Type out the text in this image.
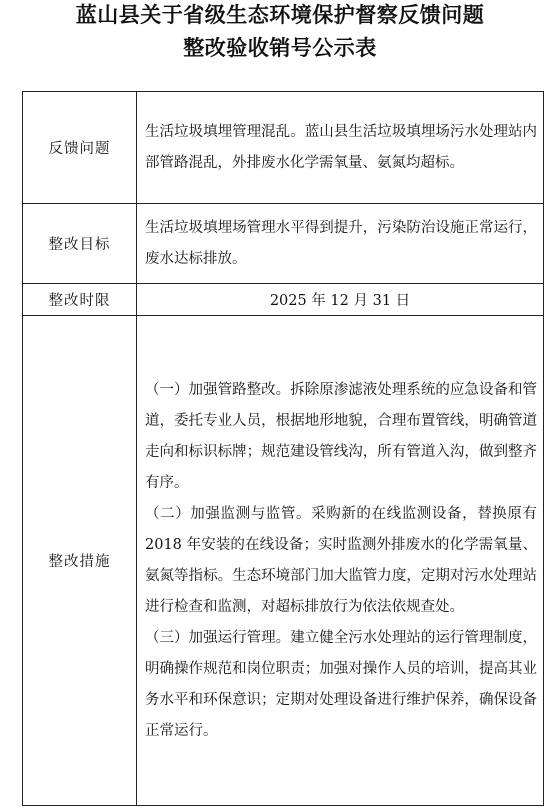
蓝山县关于省级生态环境保护督察反馈问题
整改验收销号公示表
反馈问题	生活垃圾填埋管理混乱。蓝山县生活垃圾填埋场污水处理站内部管路混乱，外排废水化学需氧量、氨氮均超标。
整改目标	生活垃圾填埋场管理水平得到提升，污染防治设施正常运行，废水达标排放。
整改时限	2025 年 12 月 31 日
整改措施	（一）加强管路整改。拆除原渗滤液处理系统的应急设备和管道，委托专业人员，根据地形地貌，合理布置管线，明确管道走向和标识标牌；规范建设管线沟，所有管道入沟，做到整齐有序。

（二）加强监测与监管。采购新的在线监测设备，替换原有 2018 年安装的在线设备；实时监测外排废水的化学需氧量、氨氮等指标。生态环境部门加大监管力度，定期对污水处理站进行检查和监测，对超标排放行为依法依规查处。

（三）加强运行管理。建立健全污水处理站的运行管理制度，明确操作规范和岗位职责；加强对操作人员的培训，提高其业务水平和环保意识；定期对处理设备进行维护保养，确保设备正常运行。
